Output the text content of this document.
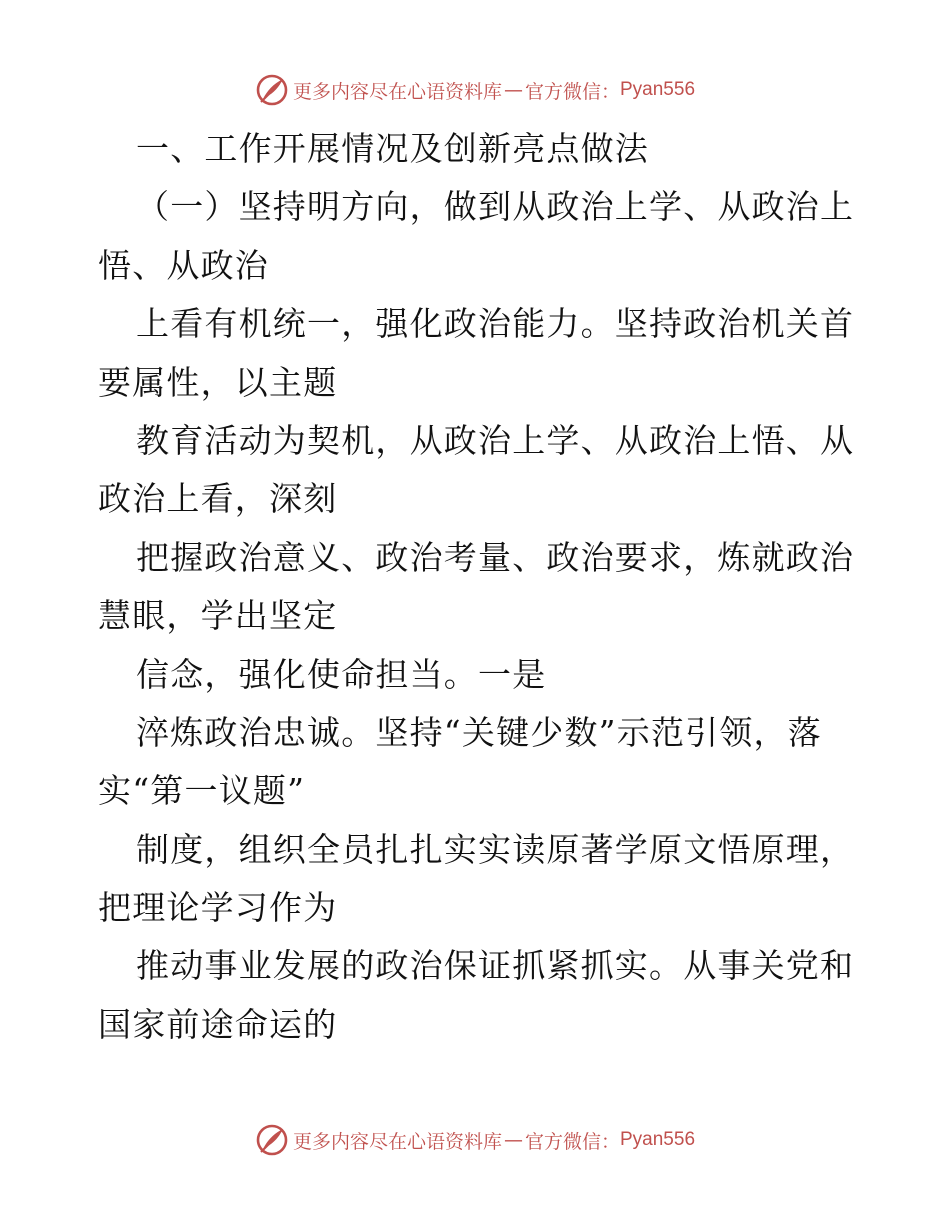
更多内容尽在心语资料库 — 官方微信： Pyan556
一、工作开展情况及创新亮点做法
（一）坚持明方向，做到从政治上学、从政治上
悟、从政治
上看有机统一，强化政治能力。坚持政治机关首
要属性，以主题
教育活动为契机，从政治上学、从政治上悟、从
政治上看，深刻
把握政治意义、政治考量、政治要求，炼就政治
慧眼，学出坚定
信念，强化使命担当。一是
淬炼政治忠诚。坚持“关键少数”示范引领，落
实“第一议题”
制度，组织全员扎扎实实读原著学原文悟原理，
把理论学习作为
推动事业发展的政治保证抓紧抓实。从事关党和
国家前途命运的
更多内容尽在心语资料库 — 官方微信： Pyan556
